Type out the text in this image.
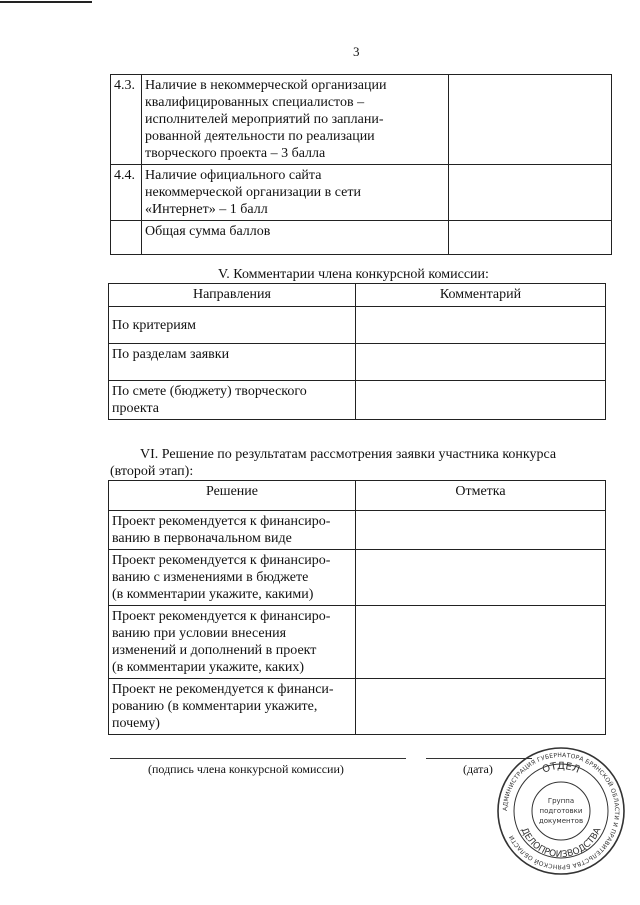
3
4.3.	Наличие в некоммерческой организации
квалифицированных специалистов –
исполнителей мероприятий по заплани-
рованной деятельности по реализации
творческого проекта – 3 балла	

4.4.	Наличие официального сайта
некоммерческой организации в сети
«Интернет» – 1 балл	

	Общая сумма баллов	

V. Комментарии члена конкурсной комиссии:
Направления	Комментарий

По критериям	

По разделам заявки	

По смете (бюджету) творческого
проекта	

VI. Решение по результатам рассмотрения заявки участника конкурса
(второй этап):
Решение	Отметка

Проект рекомендуется к финансиро-
ванию в первоначальном виде	

Проект рекомендуется к финансиро-
ванию с изменениями в бюджете
(в комментарии укажите, какими)	

Проект рекомендуется к финансиро-
ванию при условии внесения
изменений и дополнений в проект
(в комментарии укажите, каких)	

Проект не рекомендуется к финанси-
рованию (в комментарии укажите,
почему)	

(подпись члена конкурсной комиссии)	(дата)
АДМИНИСТРАЦИЯ ГУБЕРНАТОРА БРЯНСКОЙ ОБЛАСТИ И ПРАВИТЕЛЬСТВА БРЯНСКОЙ ОБЛАСТИ
ОТДЕЛ
ДЕЛОПРОИЗВОДСТВА
Группа
подготовки
документов
